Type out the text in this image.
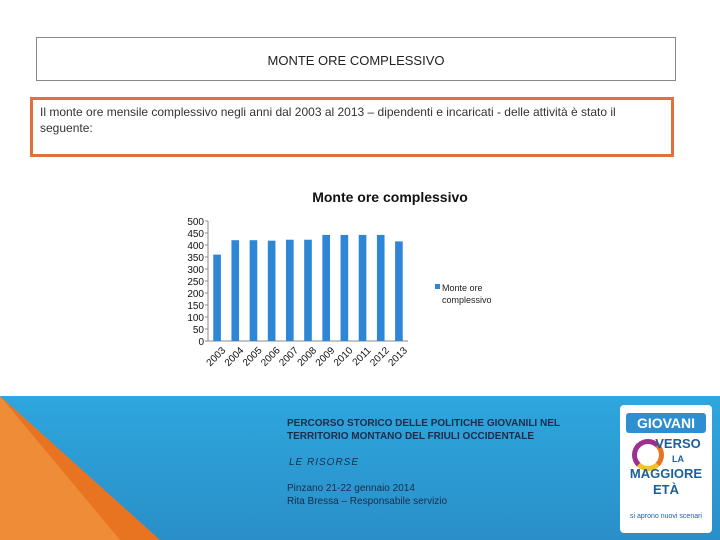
MONTE ORE COMPLESSIVO
Il monte ore mensile complessivo negli anni dal 2003 al 2013 – dipendenti e incaricati - delle attività è stato il seguente:
Monte ore complessivo
0
50
100
150
200
250
300
350
400
450
500
2003
2004
2005
2006
2007
2008
2009
2010
2011
2012
2013
Monte ore complessivo
PERCORSO STORICO DELLE POLITICHE GIOVANILI NEL
TERRITORIO MONTANO DEL FRIULI OCCIDENTALE
LE RISORSE
Pinzano 21-22 gennaio 2014
Rita Bressa – Responsabile servizio
GIOVANI
VERSO
LA
MAGGIORE
ETÀ
si aprono nuovi scenari
